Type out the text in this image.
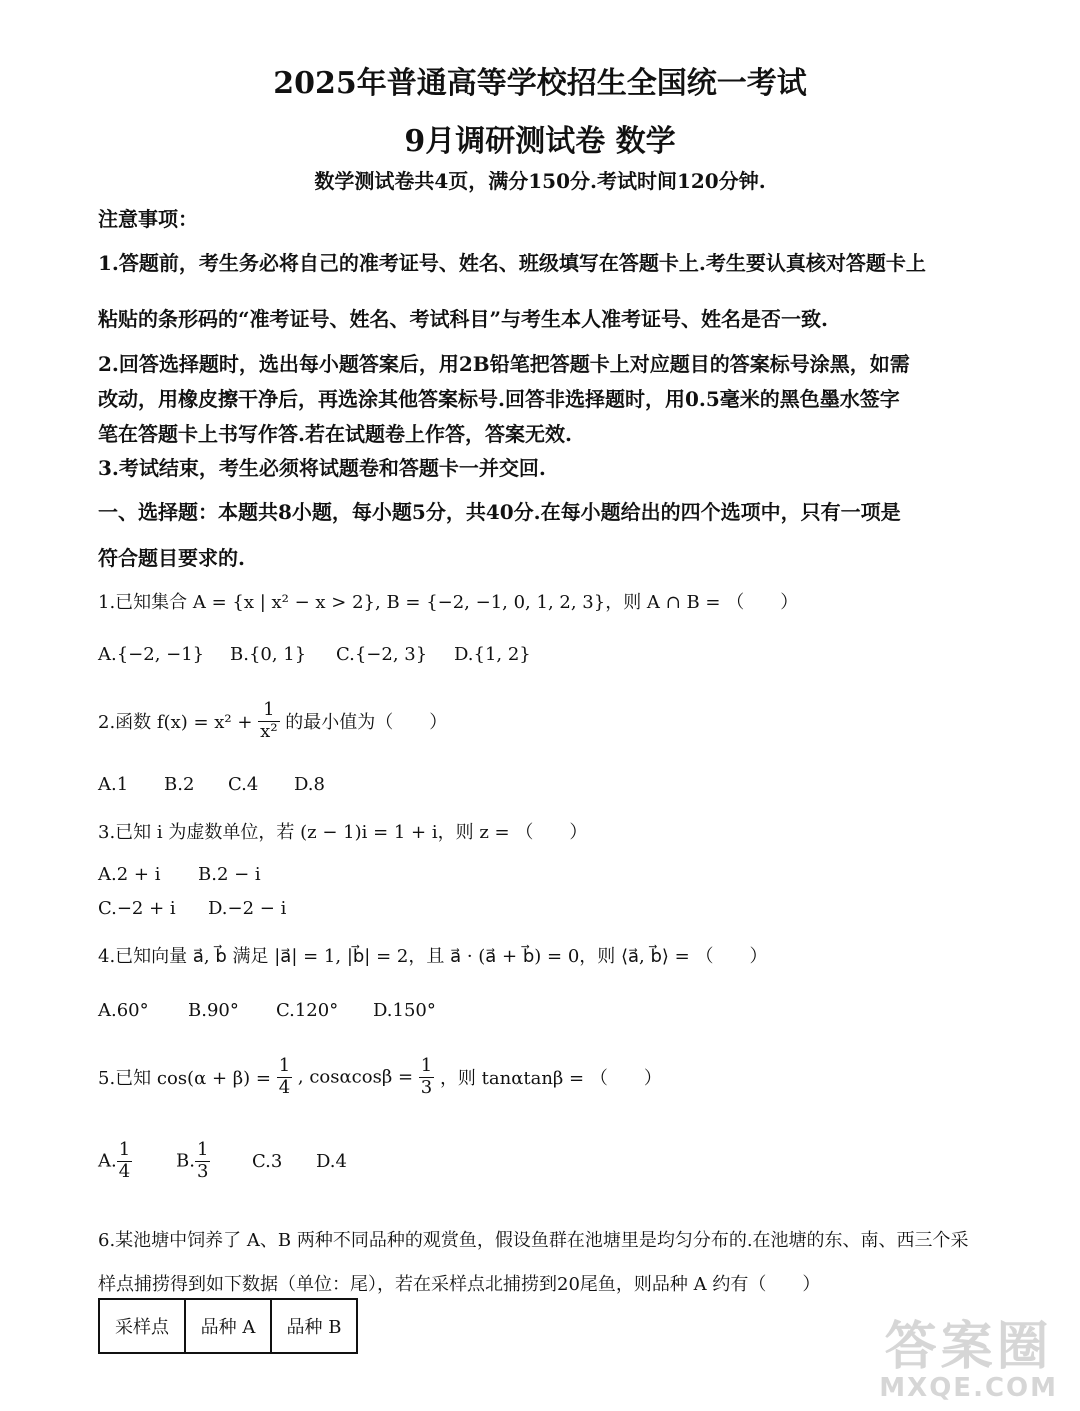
2025年普通高等学校招生全国统一考试
9月调研测试卷 数学
数学测试卷共4页，满分150分.考试时间120分钟.
注意事项：
1.答题前，考生务必将自己的准考证号、姓名、班级填写在答题卡上.考生要认真核对答题卡上
粘贴的条形码的“准考证号、姓名、考试科目”与考生本人准考证号、姓名是否一致.
2.回答选择题时，选出每小题答案后，用2B铅笔把答题卡上对应题目的答案标号涂黑，如需
改动，用橡皮擦干净后，再选涂其他答案标号.回答非选择题时，用0.5毫米的黑色墨水签字
笔在答题卡上书写作答.若在试题卷上作答，答案无效.
3.考试结束，考生必须将试题卷和答题卡一并交回.
一、选择题：本题共8小题，每小题5分，共40分.在每小题给出的四个选项中，只有一项是
符合题目要求的.
1.已知集合 A = {x | x² − x > 2}, B = {−2, −1, 0, 1, 2, 3}，则 A ∩ B = （　　）
A.{−2, −1} B.{0, 1} C.{−2, 3} D.{1, 2}
2.函数 $f(x) = x^2 + \frac{1}{\text{x²}}$ 的最小值为（　　）
A.1 B.2 C.4 D.8
3.已知 i 为虚数单位，若 (z − 1)i = 1 + i，则 z = （　　）
A.2 + i B.2 − i
C.−2 + i D.−2 − i
4.已知向量 a⃗, b⃗ 满足 |a⃗| = 1, |b⃗| = 2，且 a⃗ · (a⃗ + b⃗) = 0，则 ⟨a⃗, b⃗⟩ = （　　）
A.60° B.90° C.120° D.150°
5.已知 $\cos(\alpha + \beta) = \frac{1}{4}$ , $\cos\alpha\cos\beta = \frac{1}{3}$ ，则 tanαtanβ = （　　）
A. $\frac{1}{4} B$. $\frac{1}{3} C.3$ D.4
6.某池塘中饲养了 A、B 两种不同品种的观赏鱼，假设鱼群在池塘里是均匀分布的.在池塘的东、南、西三个采
样点捕捞得到如下数据（单位：尾），若在采样点北捕捞到20尾鱼，则品种 A 约有（　　）
采样点	品种 A	品种 B	答案圈
MXQE.COM
